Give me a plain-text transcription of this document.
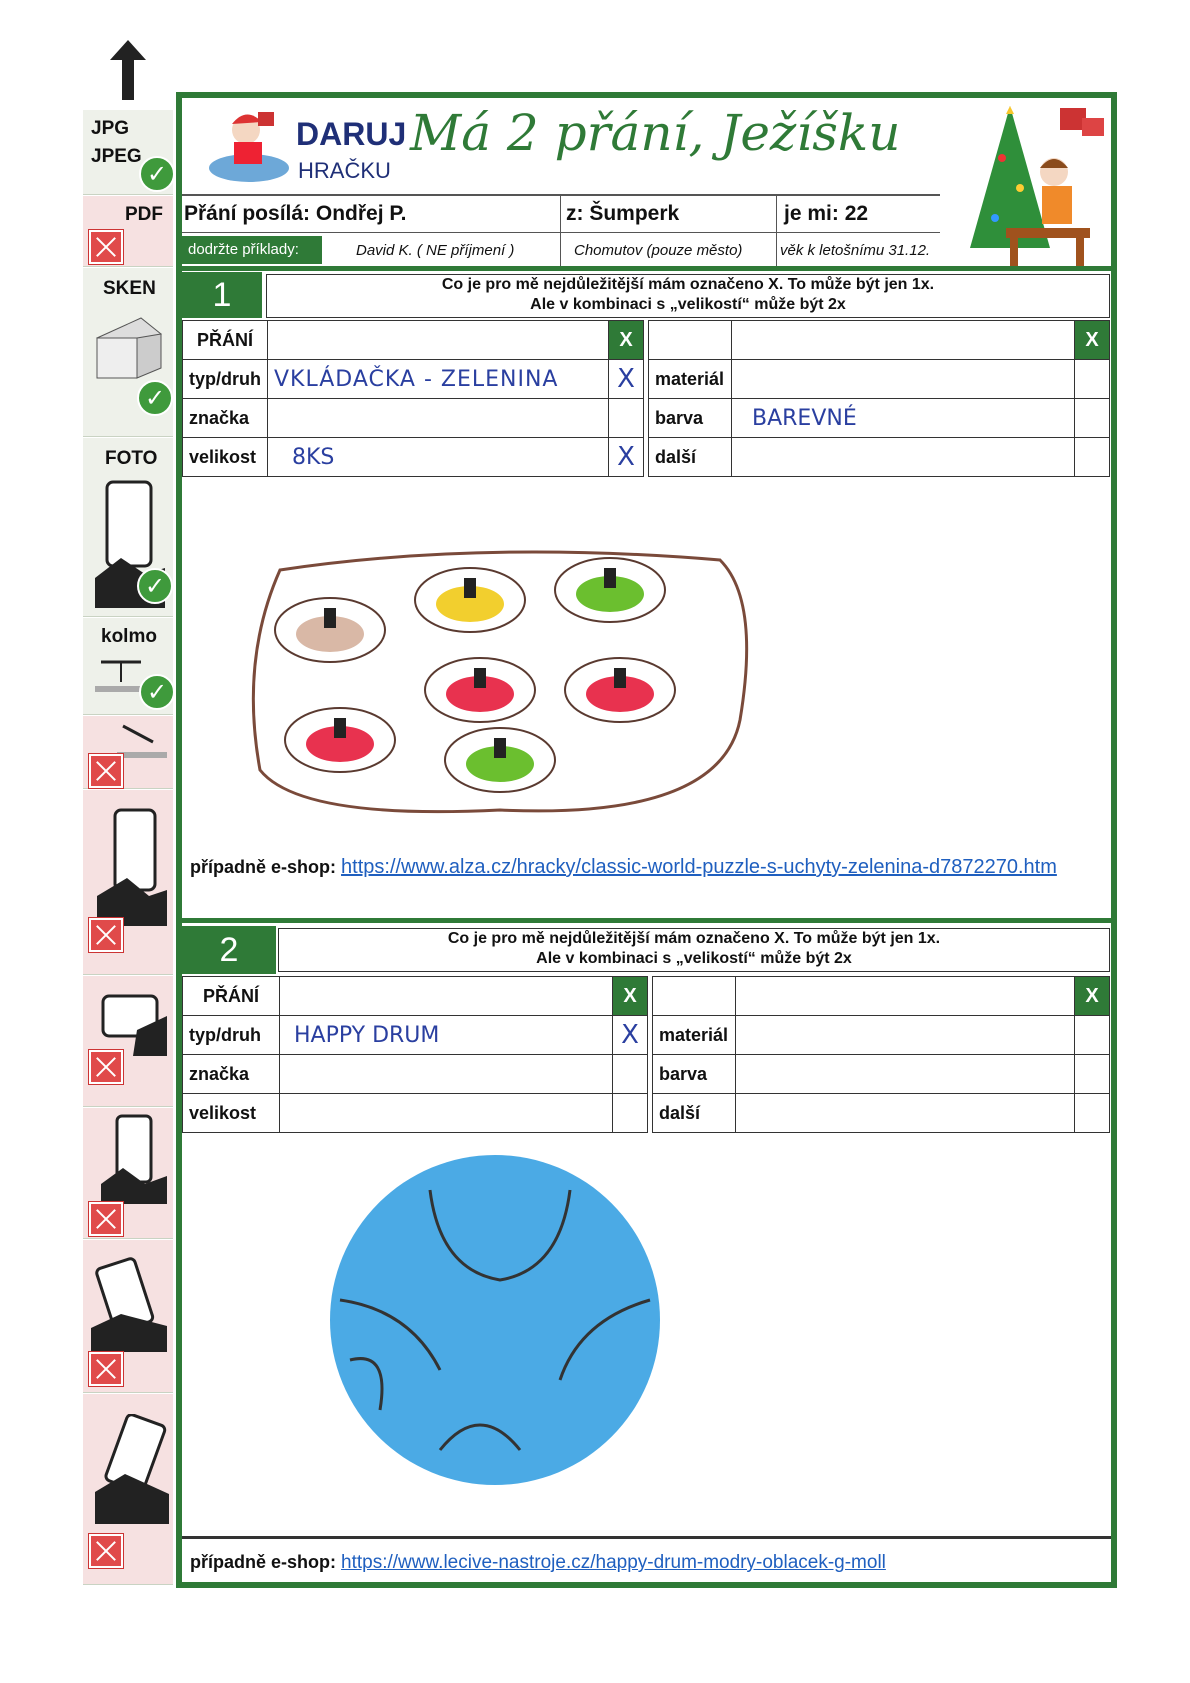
JPG
JPEG
✓
PDF
SKEN
✓
FOTO
✓
kolmo
✓
DARUJ
HRAČKU
Má 2 přání, Ježíšku
Přání posílá: Ondřej P.	z: Šumperk	je mi: 22
dodržte příklady:	David K. ( NE příjmení )	Chomutov (pouze město)	věk k letošnímu 31.12.
1	Co je pro mě nejdůležitější mám označeno X. To může být jen 1x.
Ale v kombinaci s „velikostí“ může být 2x
PŘÁNÍ		X
typ/druh	VKLÁDAČKA - ZELENINA	X
značka		
velikost	8KS	X
		X
materiál		
barva	BAREVNÉ	
další		
případně e-shop: https://www.alza.cz/hracky/classic-world-puzzle-s-uchyty-zelenina-d7872270.htm
2	Co je pro mě nejdůležitější mám označeno X. To může být jen 1x.
Ale v kombinaci s „velikostí“ může být 2x
PŘÁNÍ		X
typ/druh	HAPPY DRUM	X
značka		
velikost		
		X
materiál		
barva		
další		
případně e-shop: https://www.lecive-nastroje.cz/happy-drum-modry-oblacek-g-moll
